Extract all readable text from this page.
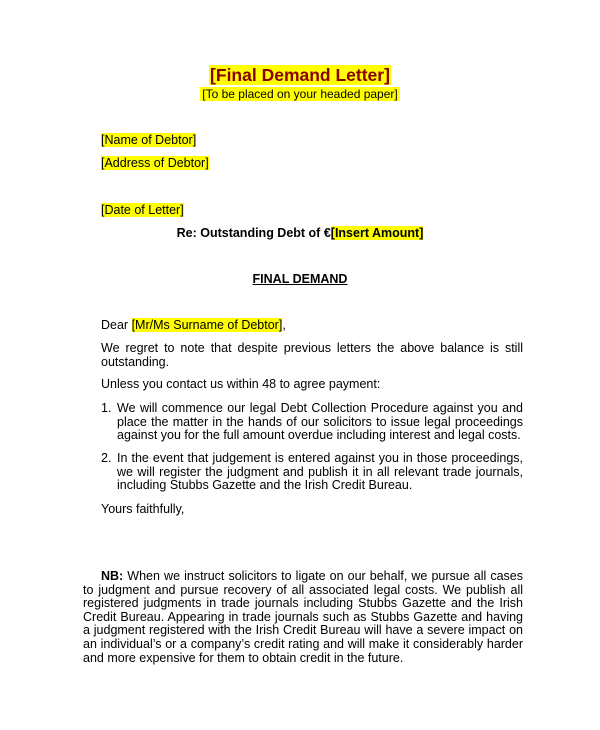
[Final Demand Letter]
[To be placed on your headed paper]
[Name of Debtor]
[Address of Debtor]
[Date of Letter]
Re: Outstanding Debt of €[Insert Amount]
FINAL DEMAND
Dear [Mr/Ms Surname of Debtor],
We regret to note that despite previous letters the above balance is still outstanding.
Unless you contact us within 48 to agree payment:
1. We will commence our legal Debt Collection Procedure against you and place the matter in the hands of our solicitors to issue legal proceedings against you for the full amount overdue including interest and legal costs.
2. In the event that judgement is entered against you in those proceedings, we will register the judgment and publish it in all relevant trade journals, including Stubbs Gazette and the Irish Credit Bureau.
Yours faithfully,
NB: When we instruct solicitors to ligate on our behalf, we pursue all cases to judgment and pursue recovery of all associated legal costs. We publish all registered judgments in trade journals including Stubbs Gazette and the Irish Credit Bureau. Appearing in trade journals such as Stubbs Gazette and having a judgment registered with the Irish Credit Bureau will have a severe impact on an individual’s or a company’s credit rating and will make it considerably harder and more expensive for them to obtain credit in the future.
